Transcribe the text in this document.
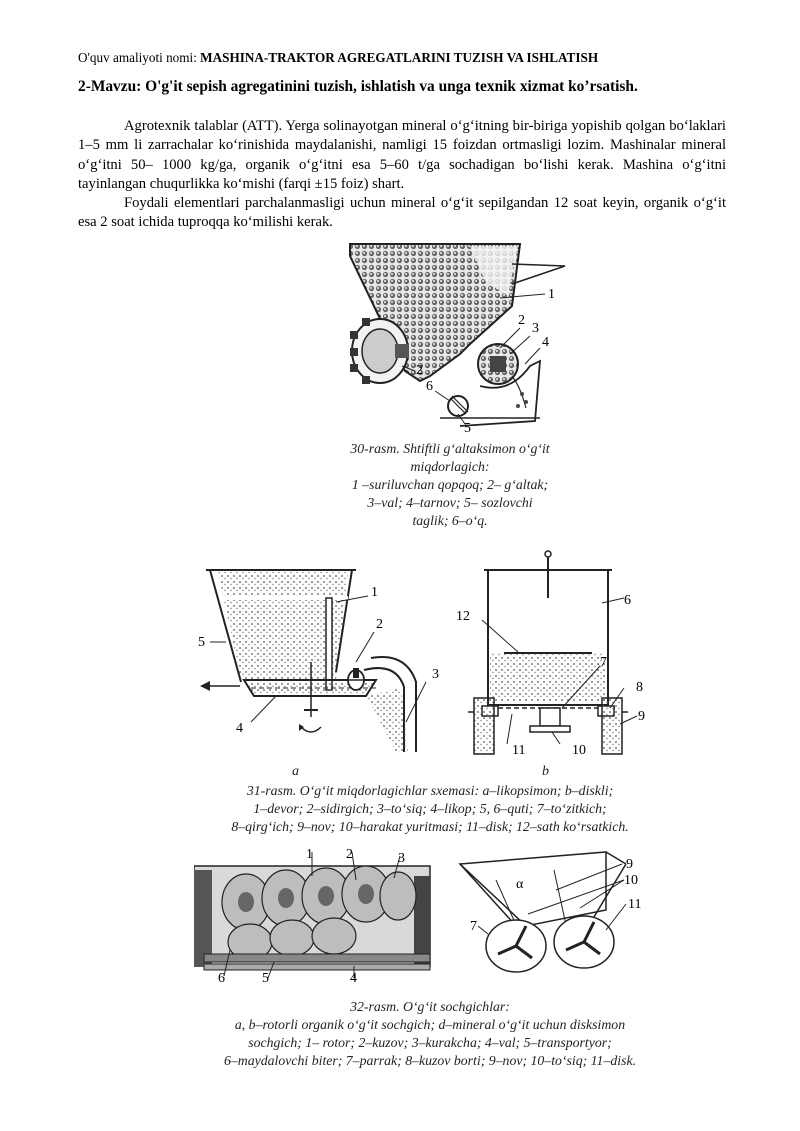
O'quv amaliyoti nomi: MASHINA-TRAKTOR AGREGATLARINI TUZISH VA ISHLATISH
2-Mavzu: O'g'it sepish agregatinini tuzish, ishlatish va unga texnik xizmat ko’rsatish.
Agrotexnik talablar (ATT). Yerga solinayotgan mineral o‘g‘itning bir-biriga yopishib qolgan bo‘laklari 1–5 mm li zarrachalar ko‘rinishida maydalanishi, namligi 15 foizdan ortmasligi lozim. Mashinalar mineral o‘g‘itni 50– 1000 kg/ga, organik o‘g‘itni esa 5–60 t/ga sochadigan bo‘lishi kerak. Mashina o‘g‘itni tayinlangan chuqurlikka ko‘mishi (farqi ±15 foiz) shart.
Foydali elementlari parchalanmasligi uchun mineral o‘g‘it sepilgandan 12 soat keyin, organik o‘g‘it esa 2 soat ichida tuproqqa ko‘milishi kerak.
1
2
3
4
5
6
2
30-rasm. Shtiftli g‘altaksimon o‘g‘it
miqdorlagich:
1 –suriluvchan qopqoq; 2– g‘altak;
3–val; 4–tarnov; 5– sozlovchi
taglik; 6–o‘q.
1
2
3
4
5
6
12
7
8
9
10
11
a	b
31-rasm. O‘g‘it miqdorlagichlar sxemasi: a–likopsimon; b–diskli;
1–devor; 2–sidirgich; 3–to‘siq; 4–likop; 5, 6–quti; 7–to‘zitkich;
8–qirg‘ich; 9–nov; 10–harakat yuritmasi; 11–disk; 12–sath ko‘rsatkich.
1 2	3
4
5
6
9
10
11
7
α
32-rasm. O‘g‘it sochgichlar:
a, b–rotorli organik o‘g‘it sochgich; d–mineral o‘g‘it uchun disksimon
sochgich; 1– rotor; 2–kuzov; 3–kurakcha; 4–val; 5–transportyor;
6–maydalovchi biter; 7–parrak; 8–kuzov borti; 9–nov; 10–to‘siq; 11–disk.
